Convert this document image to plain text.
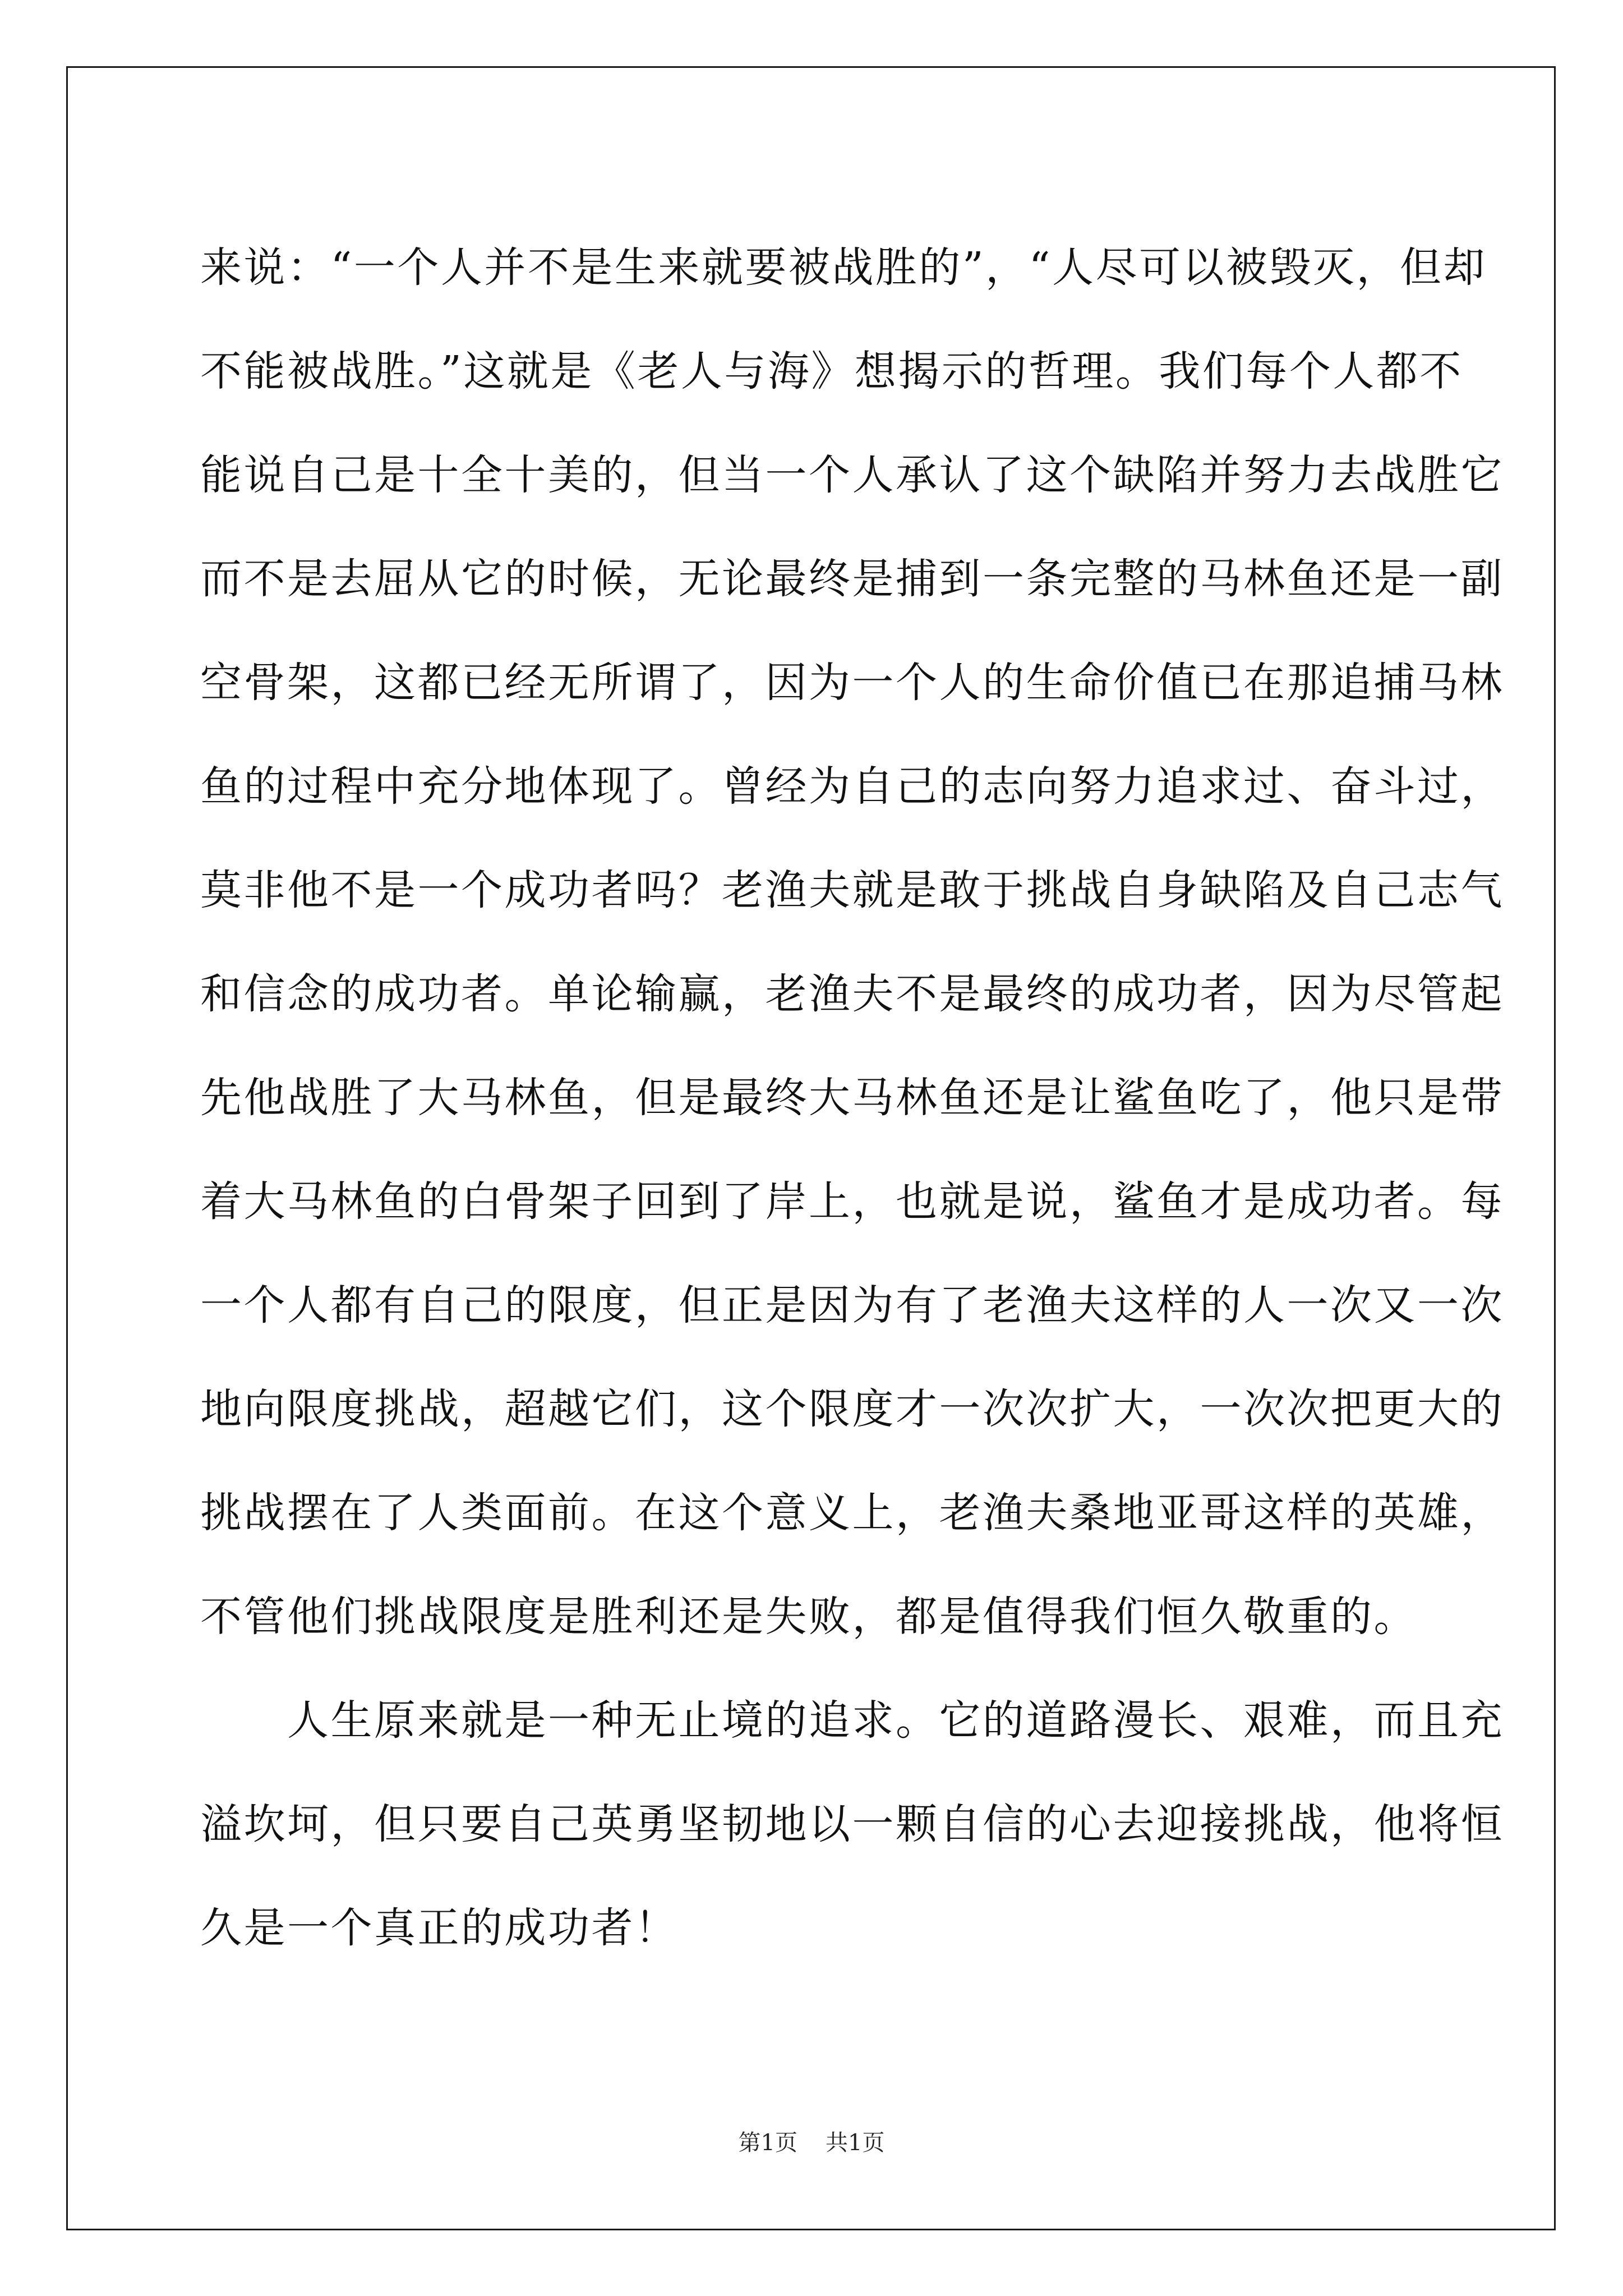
来说：“一个人并不是生来就要被战胜的”，“人尽可以被毁灭，但却
不能被战胜。”这就是《老人与海》想揭示的哲理。我们每个人都不
能说自己是十全十美的，但当一个人承认了这个缺陷并努力去战胜它
而不是去屈从它的时候，无论最终是捕到一条完整的马林鱼还是一副
空骨架，这都已经无所谓了，因为一个人的生命价值已在那追捕马林
鱼的过程中充分地体现了。曾经为自己的志向努力追求过、奋斗过，
莫非他不是一个成功者吗？老渔夫就是敢于挑战自身缺陷及自己志气
和信念的成功者。单论输赢，老渔夫不是最终的成功者，因为尽管起
先他战胜了大马林鱼，但是最终大马林鱼还是让鲨鱼吃了，他只是带
着大马林鱼的白骨架子回到了岸上，也就是说，鲨鱼才是成功者。每
一个人都有自己的限度，但正是因为有了老渔夫这样的人一次又一次
地向限度挑战，超越它们，这个限度才一次次扩大，一次次把更大的
挑战摆在了人类面前。在这个意义上，老渔夫桑地亚哥这样的英雄，
不管他们挑战限度是胜利还是失败，都是值得我们恒久敬重的。
　　人生原来就是一种无止境的追求。它的道路漫长、艰难，而且充
溢坎坷，但只要自己英勇坚韧地以一颗自信的心去迎接挑战，他将恒
久是一个真正的成功者！
第1页 共1页
